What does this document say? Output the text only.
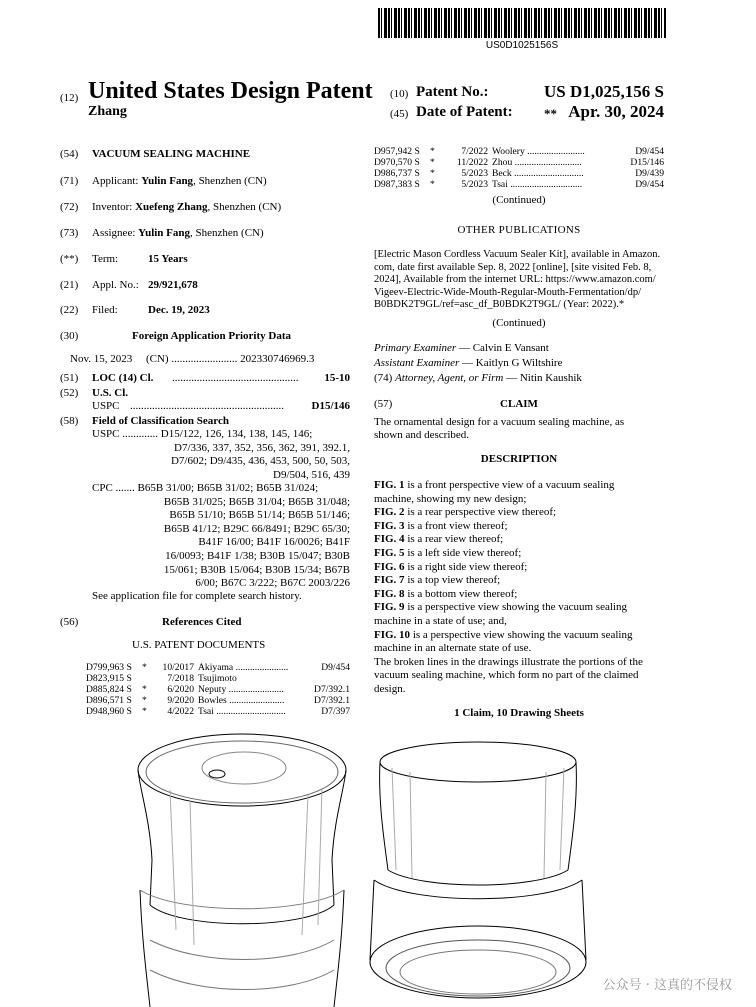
US0D1025156S
(12) United States Design Patent
Zhang
(10) Patent No.:	US D1,025,156 S
(45) Date of Patent: ** Apr. 30, 2024
(54) VACUUM SEALING MACHINE
(71) Applicant: Yulin Fang, Shenzhen (CN)
(72) Inventor: Xuefeng Zhang, Shenzhen (CN)
(73) Assignee: Yulin Fang, Shenzhen (CN)
(**) Term:	15 Years
(21) Appl. No.: 29/921,678
(22) Filed:	Dec. 19, 2023
(30)	Foreign Application Priority Data
Nov. 15, 2023     (CN) ........................ 202330746969.3
(51) LOC (14) Cl. ..............................................	15-10
(52) U.S. Cl.
USPC ........................................................	D15/146
(58) Field of Classification Search
USPC ............. D15/122, 126, 134, 138, 145, 146;
D7/336, 337, 352, 356, 362, 391, 392.1,
D7/602; D9/435, 436, 453, 500, 50, 503,
D9/504, 516, 439
CPC ....... B65B 31/00; B65B 31/02; B65B 31/024;
B65B 31/025; B65B 31/04; B65B 31/048;
B65B 51/10; B65B 51/14; B65B 51/146;
B65B 41/12; B29C 66/8491; B29C 65/30;
B41F 16/00; B41F 16/0026; B41F
16/0093; B41F 1/38; B30B 15/047; B30B
15/061; B30B 15/064; B30B 15/34; B67B
6/00; B67C 3/222; B67C 2003/226
See application file for complete search history.
(56)	References Cited
U.S. PATENT DOCUMENTS
D799,963 S	*	10/2017 Akiyama ......................	D9/454
D823,915 S	7/2018 Tsujimoto
D885,824 S	*	6/2020 Neputy .......................	D7/392.1
D896,571 S	*	9/2020 Bowles .......................	D7/392.1
D948,960 S	*	4/2022 Tsai .............................	D7/397
D957,942 S	*	7/2022 Woolery ........................	D9/454
D970,570 S	*	11/2022 Zhou ............................	D15/146
D986,737 S	*	5/2023 Beck .............................	D9/439
D987,383 S	*	5/2023 Tsai ..............................	D9/454
(Continued)
OTHER PUBLICATIONS
[Electric Mason Cordless Vacuum Sealer Kit], available in Amazon.
com, date first available Sep. 8, 2022 [online], [site visited Feb. 8,
2024], Available from the internet URL: https://www.amazon.com/
Vigeev-Electric-Wide-Mouth-Regular-Mouth-Fermentation/dp/
B0BDK2T9GL/ref=asc_df_B0BDK2T9GL/ (Year: 2022).*
(Continued)
Primary Examiner — Calvin E Vansant
Assistant Examiner — Kaitlyn G Wiltshire
(74) Attorney, Agent, or Firm — Nitin Kaushik
(57)	CLAIM
The ornamental design for a vacuum sealing machine, as
shown and described.
DESCRIPTION
FIG. 1 is a front perspective view of a vacuum sealing
machine, showing my new design;
FIG. 2 is a rear perspective view thereof;
FIG. 3 is a front view thereof;
FIG. 4 is a rear view thereof;
FIG. 5 is a left side view thereof;
FIG. 6 is a right side view thereof;
FIG. 7 is a top view thereof;
FIG. 8 is a bottom view thereof;
FIG. 9 is a perspective view showing the vacuum sealing
machine in a state of use; and,
FIG. 10 is a perspective view showing the vacuum sealing
machine in an alternate state of use.
The broken lines in the drawings illustrate the portions of the
vacuum sealing machine, which form no part of the claimed
design.
1 Claim, 10 Drawing Sheets
公众号 · 这真的不侵权
